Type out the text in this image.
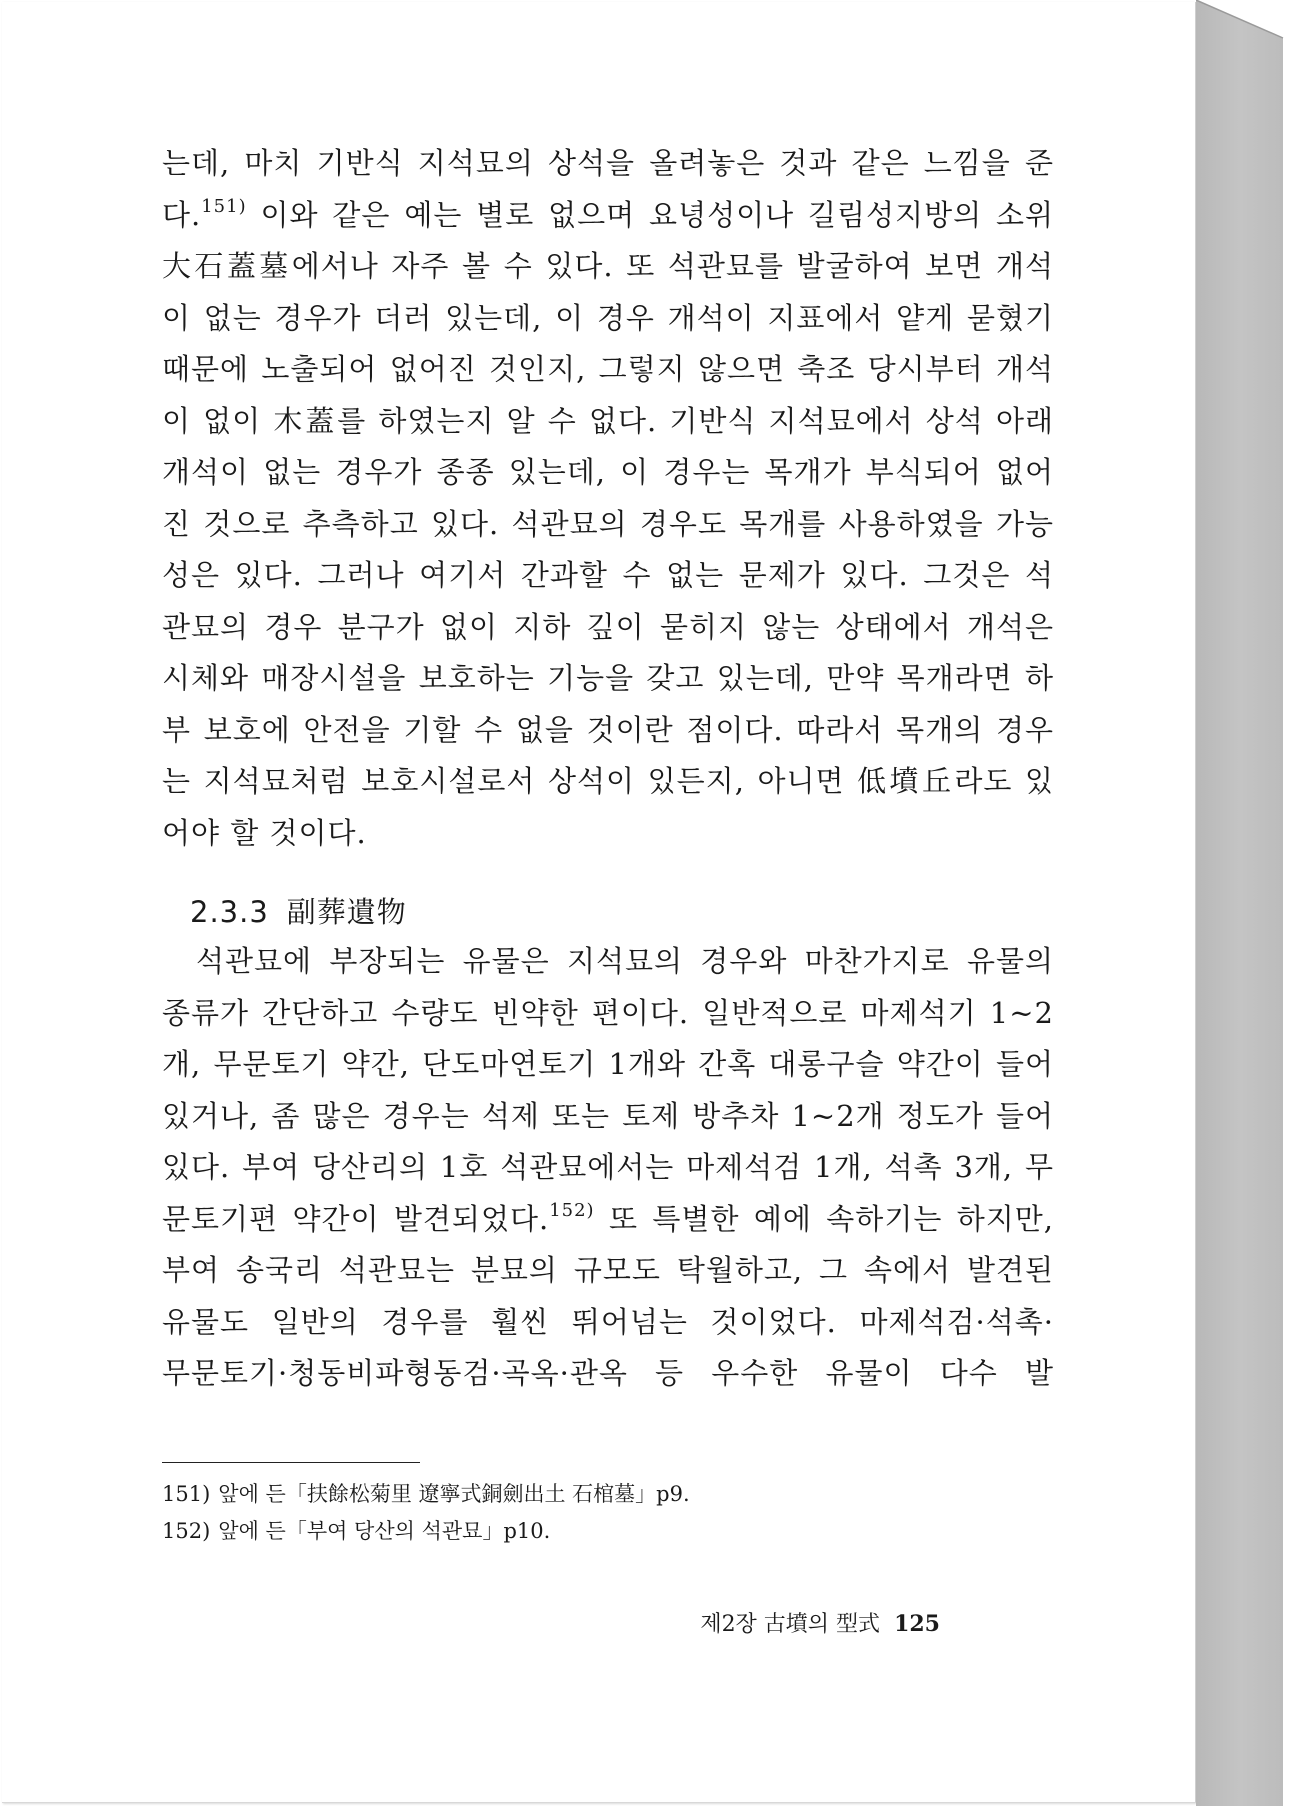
는데, 마치 기반식 지석묘의 상석을 올려놓은 것과 같은 느낌을 준
다.$^{151)}$ 이와 같은 예는 별로 없으며 요녕성이나 길림성지방의 소위
大石蓋墓에서나 자주 볼 수 있다. 또 석관묘를 발굴하여 보면 개석
이 없는 경우가 더러 있는데, 이 경우 개석이 지표에서 얕게 묻혔기
때문에 노출되어 없어진 것인지, 그렇지 않으면 축조 당시부터 개석
이 없이 木蓋를 하였는지 알 수 없다. 기반식 지석묘에서 상석 아래
개석이 없는 경우가 종종 있는데, 이 경우는 목개가 부식되어 없어
진 것으로 추측하고 있다. 석관묘의 경우도 목개를 사용하였을 가능
성은 있다. 그러나 여기서 간과할 수 없는 문제가 있다. 그것은 석
관묘의 경우 분구가 없이 지하 깊이 묻히지 않는 상태에서 개석은
시체와 매장시설을 보호하는 기능을 갖고 있는데, 만약 목개라면 하
부 보호에 안전을 기할 수 없을 것이란 점이다. 따라서 목개의 경우
는 지석묘처럼 보호시설로서 상석이 있든지, 아니면 低墳丘라도 있
어야 할 것이다.
2.3.3 副葬遺物
석관묘에 부장되는 유물은 지석묘의 경우와 마찬가지로 유물의
종류가 간단하고 수량도 빈약한 편이다. 일반적으로 마제석기 1~2
개, 무문토기 약간, 단도마연토기 1개와 간혹 대롱구슬 약간이 들어
있거나, 좀 많은 경우는 석제 또는 토제 방추차 1~2개 정도가 들어
있다. 부여 당산리의 1호 석관묘에서는 마제석검 1개, 석촉 3개, 무
문토기편 약간이 발견되었다.$^{152)}$ 또 특별한 예에 속하기는 하지만,
부여 송국리 석관묘는 분묘의 규모도 탁월하고, 그 속에서 발견된
유물도 일반의 경우를 훨씬 뛰어넘는 것이었다. 마제석검·석촉·
무문토기·청동비파형동검·곡옥·관옥 등 우수한 유물이 다수 발
151) 앞에 든「扶餘松菊里 遼寧式銅劍出土 石棺墓」p9.
152) 앞에 든「부여 당산의 석관묘」p10.
제2장 古墳의 型式 125
